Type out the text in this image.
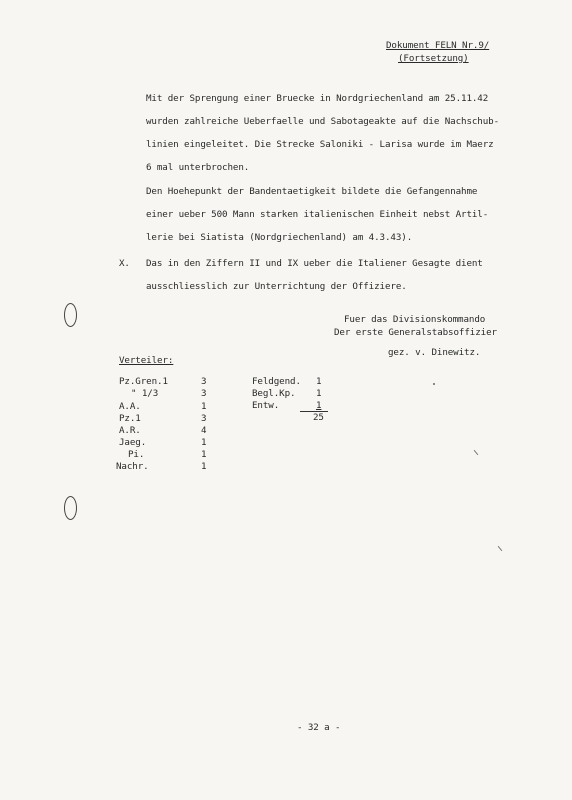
Dokument FELN Nr.9/
(Fortsetzung)
Mit der Sprengung einer Bruecke in Nordgriechenland am 25.11.42
wurden zahlreiche Ueberfaelle und Sabotageakte auf die Nachschub-
linien eingeleitet. Die Strecke Saloniki - Larisa wurde im Maerz
6 mal unterbrochen.
Den Hoehepunkt der Bandentaetigkeit bildete die Gefangennahme
einer ueber 500 Mann starken italienischen Einheit nebst Artil-
lerie bei Siatista (Nordgriechenland) am 4.3.43).
X. Das in den Ziffern II und IX ueber die Italiener Gesagte dient
ausschliesslich zur Unterrichtung der Offiziere.
Fuer das Divisionskommando
Der erste Generalstabsoffizier
gez. v. Dinewitz.
Verteiler:
Pz.Gren.1	3
" 1/3	3
A.A.	1
Pz.1	3
A.R.	4
Jaeg.	1
Pi.	1
Nachr.	1
Feldgend. 1
Begl.Kp. 1
Entw.	1
25
- 32 a -
